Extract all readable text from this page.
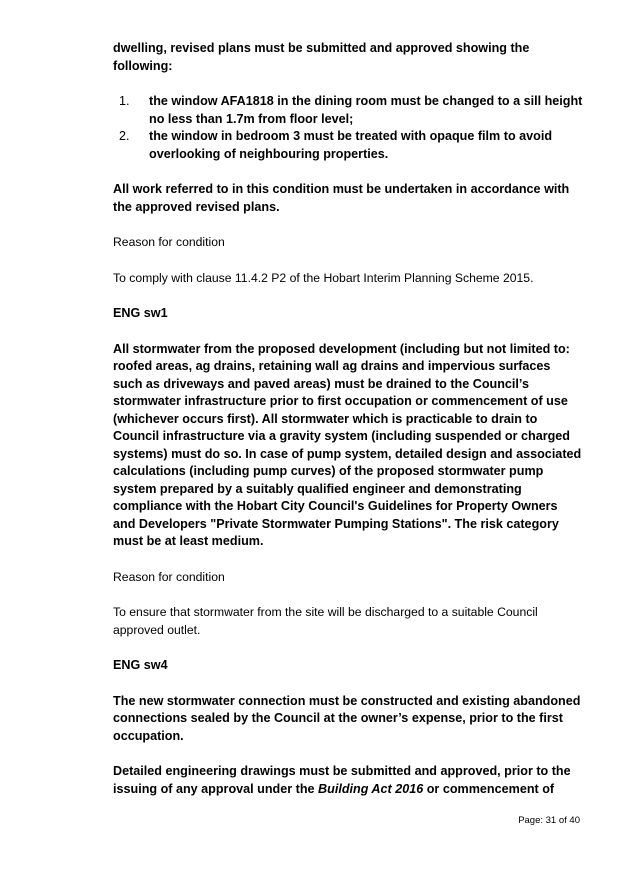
dwelling, revised plans must be submitted and approved showing the following:

1. the window AFA1818 in the dining room must be changed to a sill height no less than 1.7m from floor level;
2. the window in bedroom 3 must be treated with opaque film to avoid overlooking of neighbouring properties.

All work referred to in this condition must be undertaken in accordance with the approved revised plans.

Reason for condition

To comply with clause 11.4.2 P2 of the Hobart Interim Planning Scheme 2015.

ENG sw1

All stormwater from the proposed development (including but not limited to: roofed areas, ag drains, retaining wall ag drains and impervious surfaces such as driveways and paved areas) must be drained to the Council’s stormwater infrastructure prior to first occupation or commencement of use (whichever occurs first). All stormwater which is practicable to drain to Council infrastructure via a gravity system (including suspended or charged systems) must do so. In case of pump system, detailed design and associated calculations (including pump curves) of the proposed stormwater pump system prepared by a suitably qualified engineer and demonstrating compliance with the Hobart City Council's Guidelines for Property Owners and Developers "Private Stormwater Pumping Stations". The risk category must be at least medium.

Reason for condition

To ensure that stormwater from the site will be discharged to a suitable Council approved outlet.

ENG sw4

The new stormwater connection must be constructed and existing abandoned connections sealed by the Council at the owner’s expense, prior to the first occupation.

Detailed engineering drawings must be submitted and approved, prior to the issuing of any approval under the Building Act 2016 or commencement of

Page: 31 of 40
